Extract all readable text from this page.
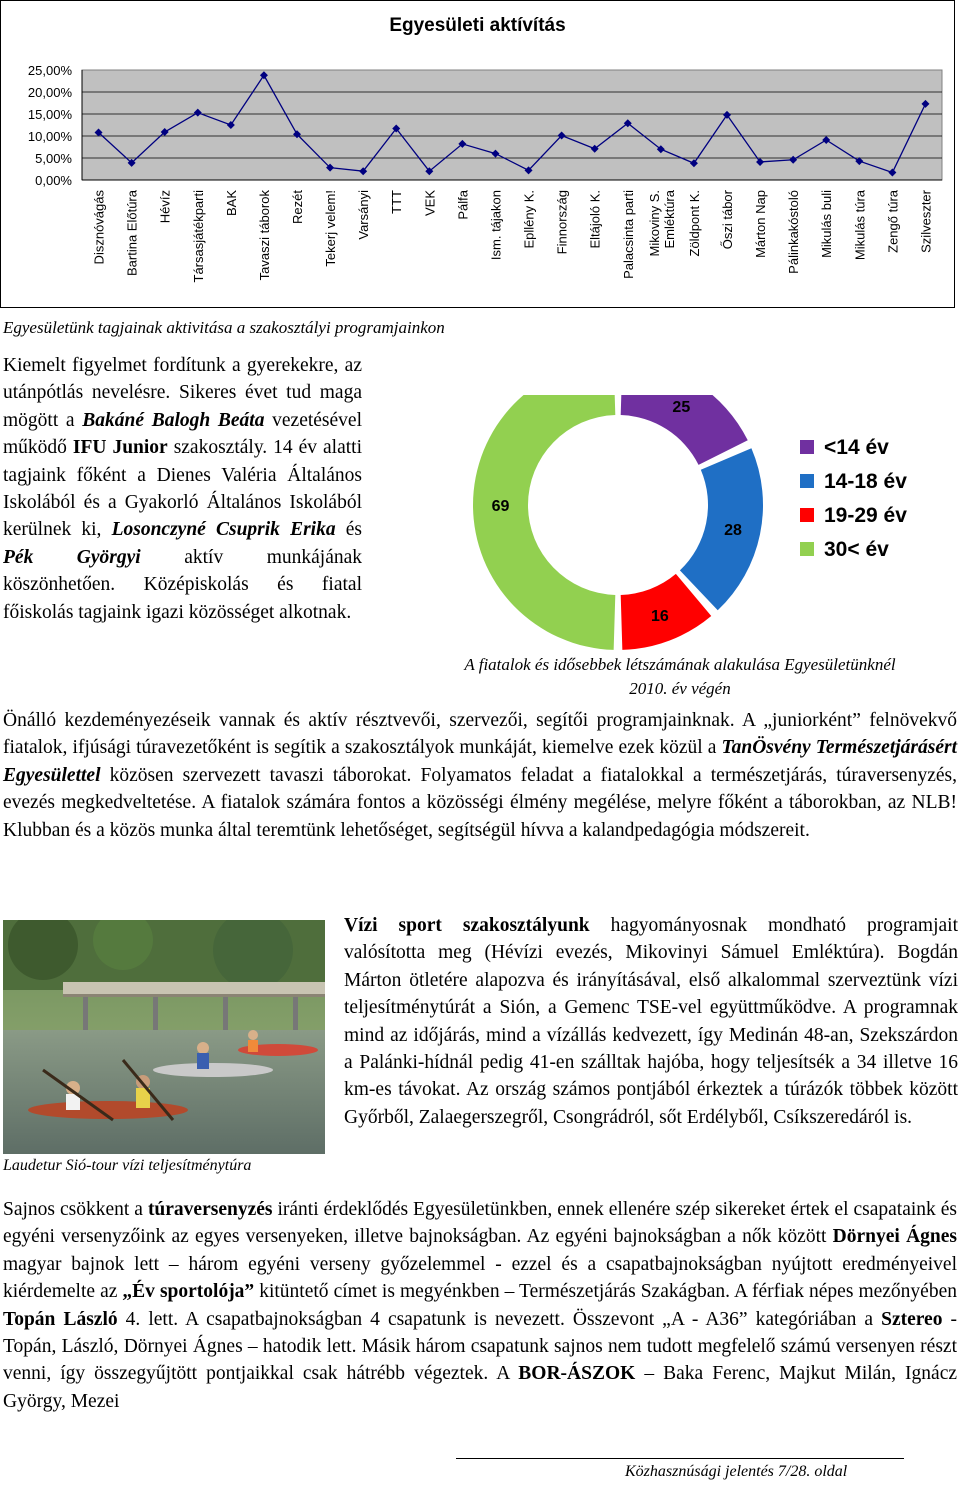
Egyesületi aktívítás
25,00%
20,00%
15,00%
10,00%
5,00%
0,00%
Disznóvágás Bartina Előtúra Hévíz Társasjátékparti BAK Tavaszi táborok Rezét Tekerj velem! Varsányi TTT VEK Pálfa Ism. tájakon Epllény K. Finnország Eltájoló K. Palacsinta parti Mikoviny S.Emléktúra Zöldpont K. Őszi tábor Márton Nap Pálinkakóstoló Mikulás buli Mikulás túra Zengő túra Szilveszter
Egyesületünk tagjainak aktivitása a szakosztályi programjainkon
Kiemelt figyelmet fordítunk a gyerekekre, az utánpótlás nevelésre. Sikeres évet tud maga mögött a Bakáné Balogh Beáta vezetésével működő IFU Junior szakosztály. 14 év alatti tagjaink főként a Dienes Valéria Általános Iskolából és a Gyakorló Általános Iskolából kerülnek ki, Losonczyné Csuprik Erika és Pék Györgyi aktív munkájának köszönhetően. Középiskolás és fiatal főiskolás tagjaink igazi közösséget alkotnak.
25
28
16
69
<14 év
14-18 év
19-29 év
30< év
A fiatalok és idősebbek létszámának alakulása Egyesületünknél
2010. év végén
Önálló kezdeményezéseik vannak és aktív résztvevői, szervezői, segítői programjainknak. A „juniorként” felnövekvő fiatalok, ifjúsági túravezetőként is segítik a szakosztályok munkáját, kiemelve ezek közül a TanÖsvény Természetjárásért Egyesülettel közösen szervezett tavaszi táborokat. Folyamatos feladat a fiatalokkal a természetjárás, túraversenyzés, evezés megkedveltetése. A fiatalok számára fontos a közösségi élmény megélése, melyre főként a táborokban, az NLB! Klubban és a közös munka által teremtünk lehetőséget, segítségül hívva a kalandpedagógia módszereit.
Laudetur Sió-tour vízi teljesítménytúra
Vízi sport szakosztályunk hagyományosnak mondható programjait valósította meg (Hévízi evezés, Mikovinyi Sámuel Emléktúra). Bogdán Márton ötletére alapozva és irányításával, első alkalommal szerveztünk vízi teljesítménytúrát a Sión, a Gemenc TSE-vel együttműködve. A programnak mind az időjárás, mind a vízállás kedvezett, így Medinán 48-an, Szekszárdon a Palánki-hídnál pedig 41-en szálltak hajóba, hogy teljesítsék a 34 illetve 16 km-es távokat. Az ország számos pontjából érkeztek a túrázók többek között Győrből, Zalaegerszegről, Csongrádról, sőt Erdélyből, Csíkszeredáról is.
Sajnos csökkent a túraversenyzés iránti érdeklődés Egyesületünkben, ennek ellenére szép sikereket értek el csapataink és egyéni versenyzőink az egyes versenyeken, illetve bajnokságban. Az egyéni bajnokságban a nők között Dörnyei Ágnes magyar bajnok lett – három egyéni verseny győzelemmel - ezzel és a csapatbajnokságban nyújtott eredményeivel kiérdemelte az „Év sportolója” kitüntető címet is megyénkben – Természetjárás Szakágban. A férfiak népes mezőnyében Topán László 4. lett. A csapatbajnokságban 4 csapatunk is nevezett. Összevont „A - A36” kategóriában a Sztereo - Topán, László, Dörnyei Ágnes – hatodik lett. Másik három csapatunk sajnos nem tudott megfelelő számú versenyen részt venni, így összegyűjtött pontjaikkal csak hátrébb végeztek. A BOR-ÁSZOK – Baka Ferenc, Majkut Milán, Ignácz György, Mezei
Közhasznúsági jelentés 7/28. oldal
